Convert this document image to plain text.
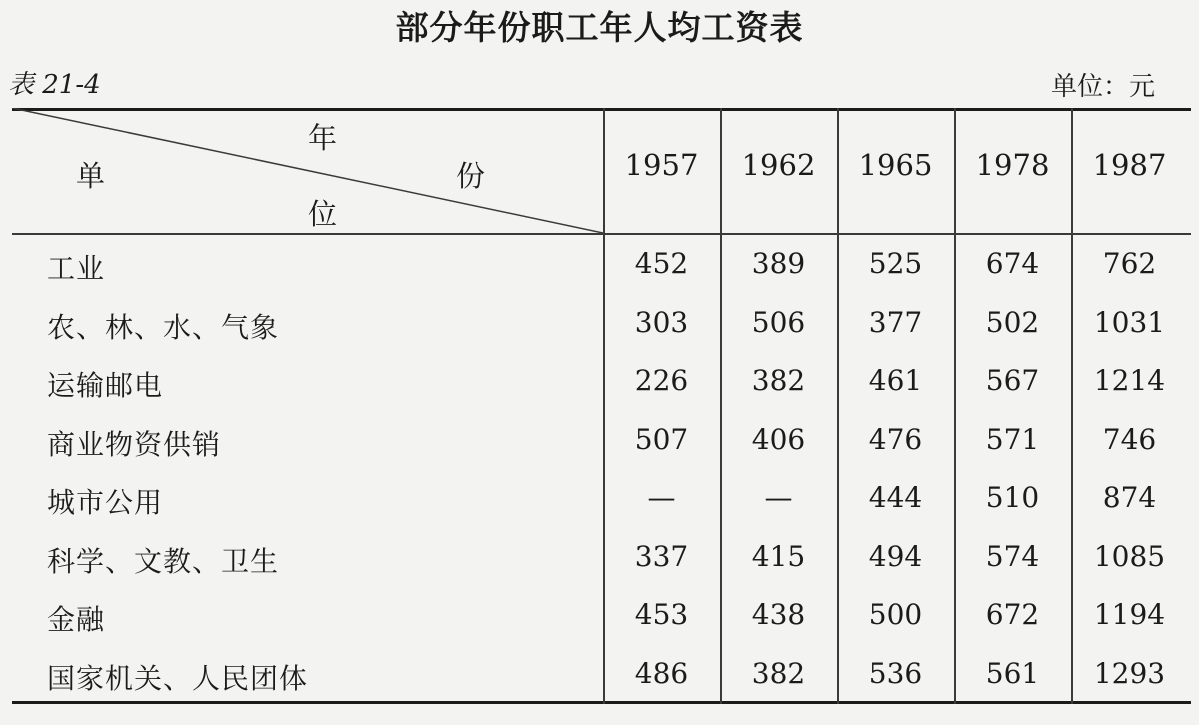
部分年份职工年人均工资表
表 21-4	单位：元
年
份
单
位
1957	1962	1965	1978	1987
工业	452	389	525	674	762
农、林、水、气象	303	506	377	502	1031
运输邮电	226	382	461	567	1214
商业物资供销	507	406	476	571	746
城市公用	—	—	444	510	874
科学、文教、卫生	337	415	494	574	1085
金融	453	438	500	672	1194
国家机关、人民团体	486	382	536	561	1293
